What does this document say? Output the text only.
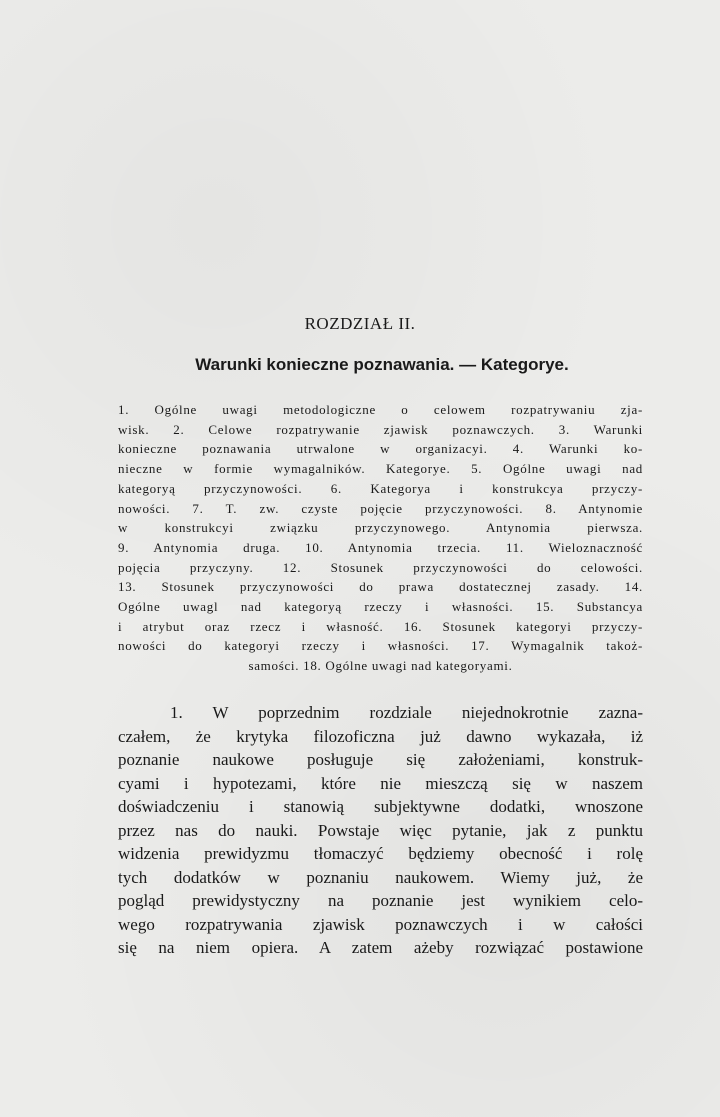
ROZDZIAŁ II.
Warunki konieczne poznawania. — Kategorye.
1. Ogólne uwagi metodologiczne o celowem rozpatrywaniu zja-
wisk. 2. Celowe rozpatrywanie zjawisk poznawczych. 3. Warunki
konieczne poznawania utrwalone w organizacyi. 4. Warunki ko-
nieczne w formie wymagalników. Kategorye. 5. Ogólne uwagi nad
kategoryą przyczynowości. 6. Kategorya i konstrukcya przyczy-
nowości. 7. T. zw. czyste pojęcie przyczynowości. 8. Antynomie
w konstrukcyi związku przyczynowego. Antynomia pierwsza.
9. Antynomia druga. 10. Antynomia trzecia. 11. Wieloznaczność
pojęcia przyczyny. 12. Stosunek przyczynowości do celowości.
13. Stosunek przyczynowości do prawa dostatecznej zasady. 14.
Ogólne uwagl nad kategoryą rzeczy i własności. 15. Substancya
i atrybut oraz rzecz i własność. 16. Stosunek kategoryi przyczy-
nowości do kategoryi rzeczy i własności. 17. Wymagalnik takoż-
samości. 18. Ogólne uwagi nad kategoryami.
1. W poprzednim rozdziale niejednokrotnie zazna-
czałem, że krytyka filozoficzna już dawno wykazała, iż
poznanie naukowe posługuje się założeniami, konstruk-
cyami i hypotezami, które nie mieszczą się w naszem
doświadczeniu i stanowią subjektywne dodatki, wnoszone
przez nas do nauki. Powstaje więc pytanie, jak z punktu
widzenia prewidyzmu tłomaczyć będziemy obecność i rolę
tych dodatków w poznaniu naukowem. Wiemy już, że
pogląd prewidystyczny na poznanie jest wynikiem celo-
wego rozpatrywania zjawisk poznawczych i w całości
się na niem opiera. A zatem ażeby rozwiązać postawione
